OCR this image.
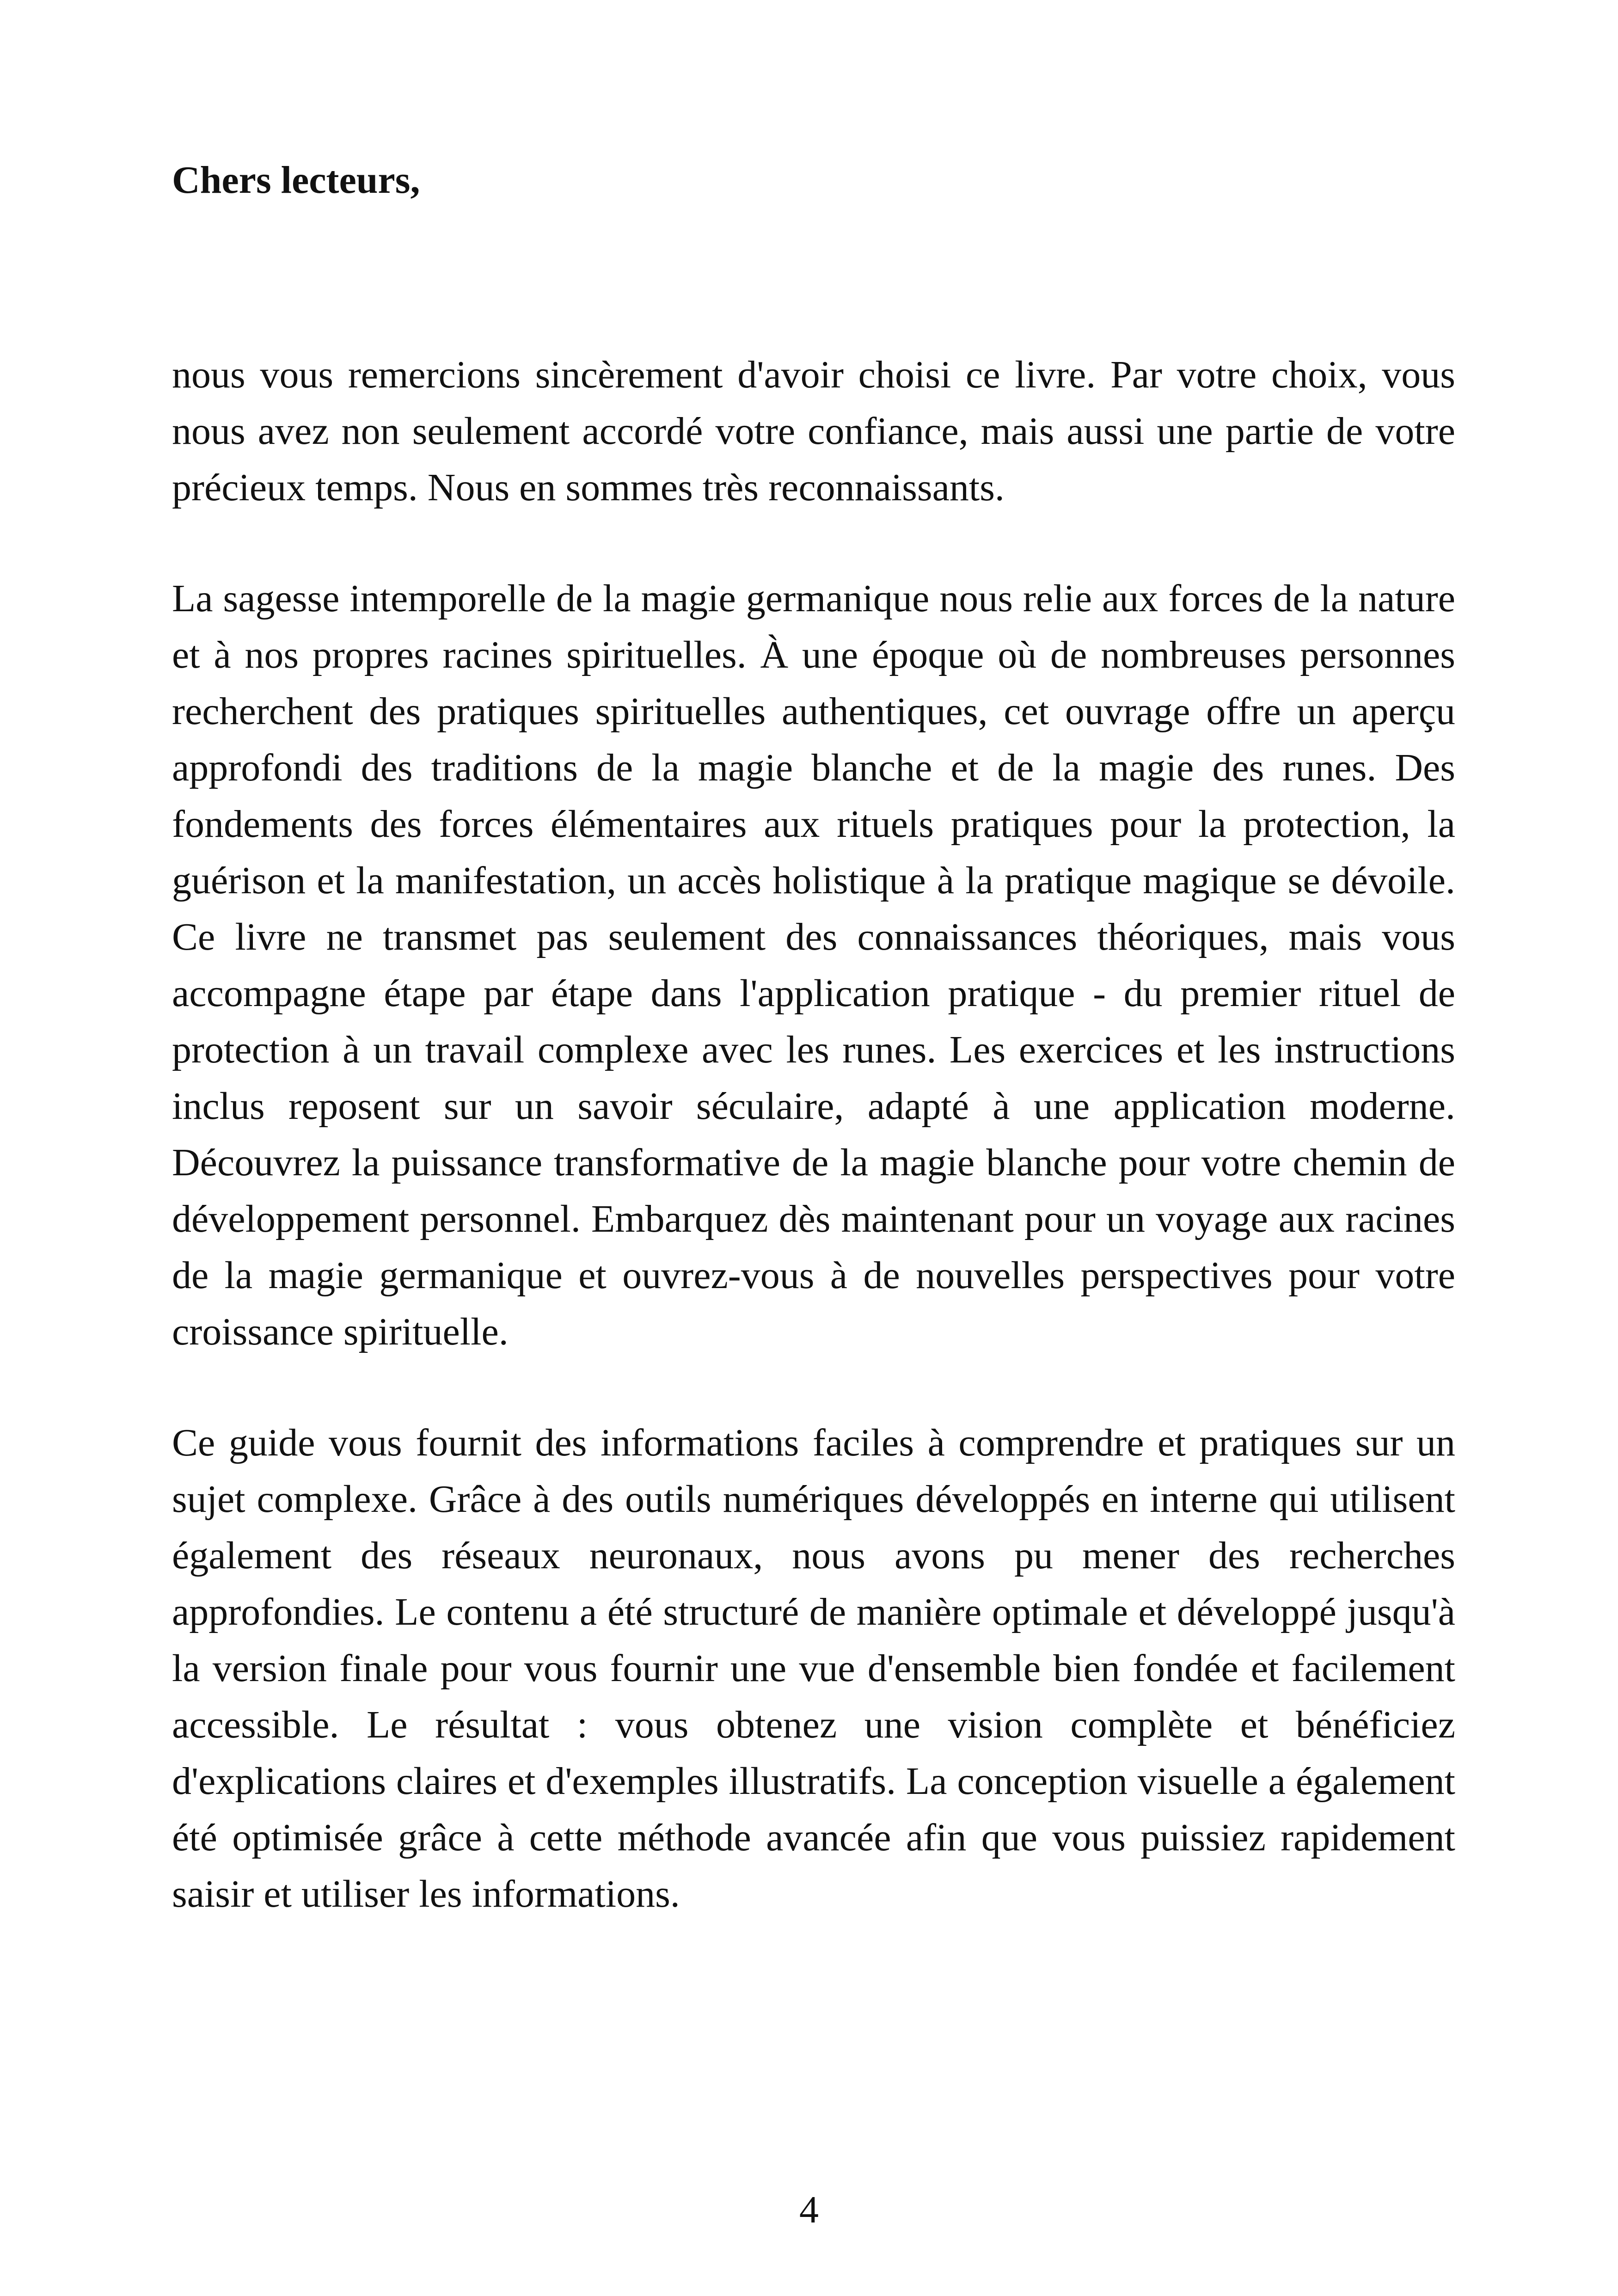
Chers lecteurs,

nous vous remercions sincèrement d'avoir choisi ce livre. Par votre choix, vous nous avez non seulement accordé votre confiance, mais aussi une partie de votre précieux temps. Nous en sommes très reconnaissants.

La sagesse intemporelle de la magie germanique nous relie aux forces de la nature et à nos propres racines spirituelles. À une époque où de nombreuses personnes recherchent des pratiques spirituelles authentiques, cet ouvrage offre un aperçu approfondi des traditions de la magie blanche et de la magie des runes. Des fondements des forces élémentaires aux rituels pratiques pour la protection, la guérison et la manifestation, un accès holistique à la pratique magique se dévoile. Ce livre ne transmet pas seulement des connaissances théoriques, mais vous accompagne étape par étape dans l'application pratique - du premier rituel de protection à un travail complexe avec les runes. Les exercices et les instructions inclus reposent sur un savoir séculaire, adapté à une application moderne. Découvrez la puissance transformative de la magie blanche pour votre chemin de développement personnel. Embarquez dès maintenant pour un voyage aux racines de la magie germanique et ouvrez-vous à de nouvelles perspectives pour votre croissance spirituelle.

Ce guide vous fournit des informations faciles à comprendre et pratiques sur un sujet complexe. Grâce à des outils numériques développés en interne qui utilisent également des réseaux neuronaux, nous avons pu mener des recherches approfondies. Le contenu a été structuré de manière optimale et développé jusqu'à la version finale pour vous fournir une vue d'ensemble bien fondée et facilement accessible. Le résultat : vous obtenez une vision complète et bénéficiez d'explications claires et d'exemples illustratifs. La conception visuelle a également été optimisée grâce à cette méthode avancée afin que vous puissiez rapidement saisir et utiliser les informations.

4
